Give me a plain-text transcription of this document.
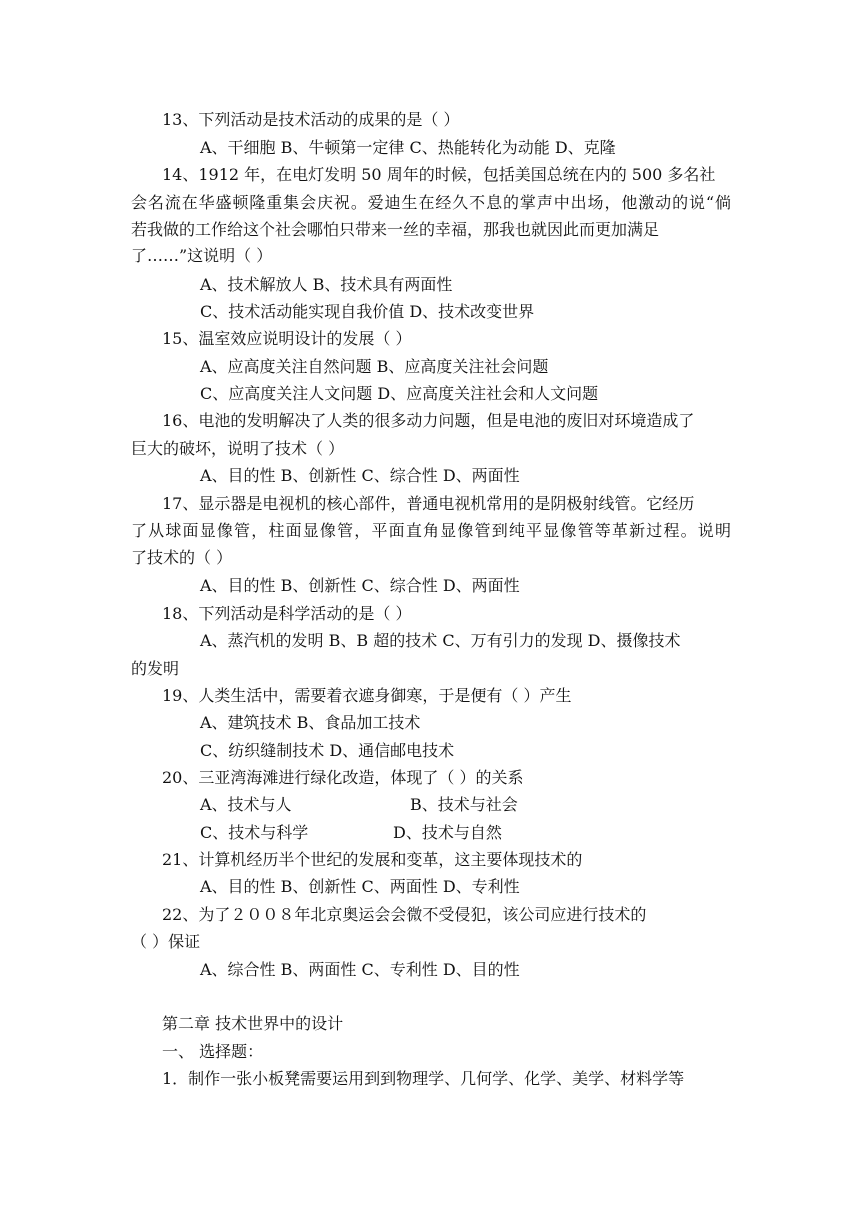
13、下列活动是技术活动的成果的是（ ）
A、干细胞 B、牛顿第一定律 C、热能转化为动能 D、克隆
14、1912 年，在电灯发明 50 周年的时候，包括美国总统在内的 500 多名社
会名流在华盛顿隆重集会庆祝。爱迪生在经久不息的掌声中出场，他激动的说“倘
若我做的工作给这个社会哪怕只带来一丝的幸福，那我也就因此而更加满足
了……”这说明（ ）
A、技术解放人 B、技术具有两面性
C、技术活动能实现自我价值 D、技术改变世界
15、温室效应说明设计的发展（ ）
A、应高度关注自然问题 B、应高度关注社会问题
C、应高度关注人文问题 D、应高度关注社会和人文问题
16、电池的发明解决了人类的很多动力问题，但是电池的废旧对环境造成了
巨大的破坏，说明了技术（ ）
A、目的性 B、创新性 C、综合性 D、两面性
17、显示器是电视机的核心部件，普通电视机常用的是阴极射线管。它经历
了从球面显像管，柱面显像管，平面直角显像管到纯平显像管等革新过程。说明
了技术的（ ）
A、目的性 B、创新性 C、综合性 D、两面性
18、下列活动是科学活动的是（ ）
A、蒸汽机的发明 B、B 超的技术 C、万有引力的发现 D、摄像技术
的发明
19、人类生活中，需要着衣遮身御寒，于是便有（ ）产生
A、建筑技术 B、食品加工技术
C、纺织缝制技术 D、通信邮电技术
20、三亚湾海滩进行绿化改造，体现了（ ）的关系
A、技术与人	B、技术与社会
C、技术与科学	D、技术与自然
21、计算机经历半个世纪的发展和变革，这主要体现技术的
A、目的性 B、创新性 C、两面性 D、专利性
22、为了２００８年北京奥运会会微不受侵犯，该公司应进行技术的
（ ）保证
A、综合性 B、两面性 C、专利性 D、目的性
第二章 技术世界中的设计
一、 选择题：
1．制作一张小板凳需要运用到到物理学、几何学、化学、美学、材料学等
